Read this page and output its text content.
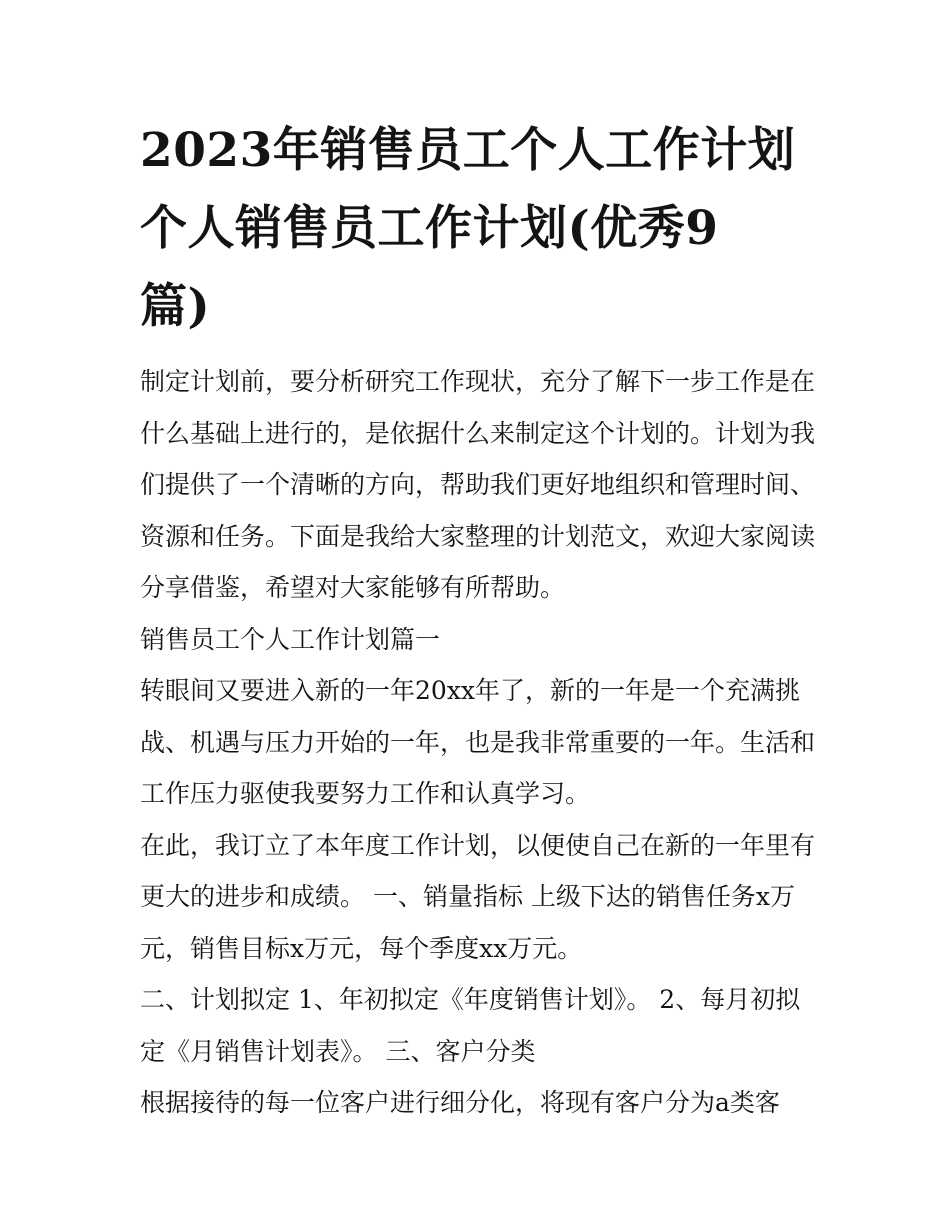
2023年销售员工个人工作计划
个人销售员工作计划(优秀9
篇)
制定计划前，要分析研究工作现状，充分了解下一步工作是在
什么基础上进行的，是依据什么来制定这个计划的。计划为我
们提供了一个清晰的方向，帮助我们更好地组织和管理时间、
资源和任务。下面是我给大家整理的计划范文，欢迎大家阅读
分享借鉴，希望对大家能够有所帮助。
销售员工个人工作计划篇一
转眼间又要进入新的一年20xx年了，新的一年是一个充满挑
战、机遇与压力开始的一年，也是我非常重要的一年。生活和
工作压力驱使我要努力工作和认真学习。
在此，我订立了本年度工作计划，以便使自己在新的一年里有
更大的进步和成绩。 一、销量指标 上级下达的销售任务x万
元，销售目标x万元，每个季度xx万元。
二、计划拟定 1、年初拟定《年度销售计划》。 2、每月初拟
定《月销售计划表》。 三、客户分类
根据接待的每一位客户进行细分化，将现有客户分为a类客
